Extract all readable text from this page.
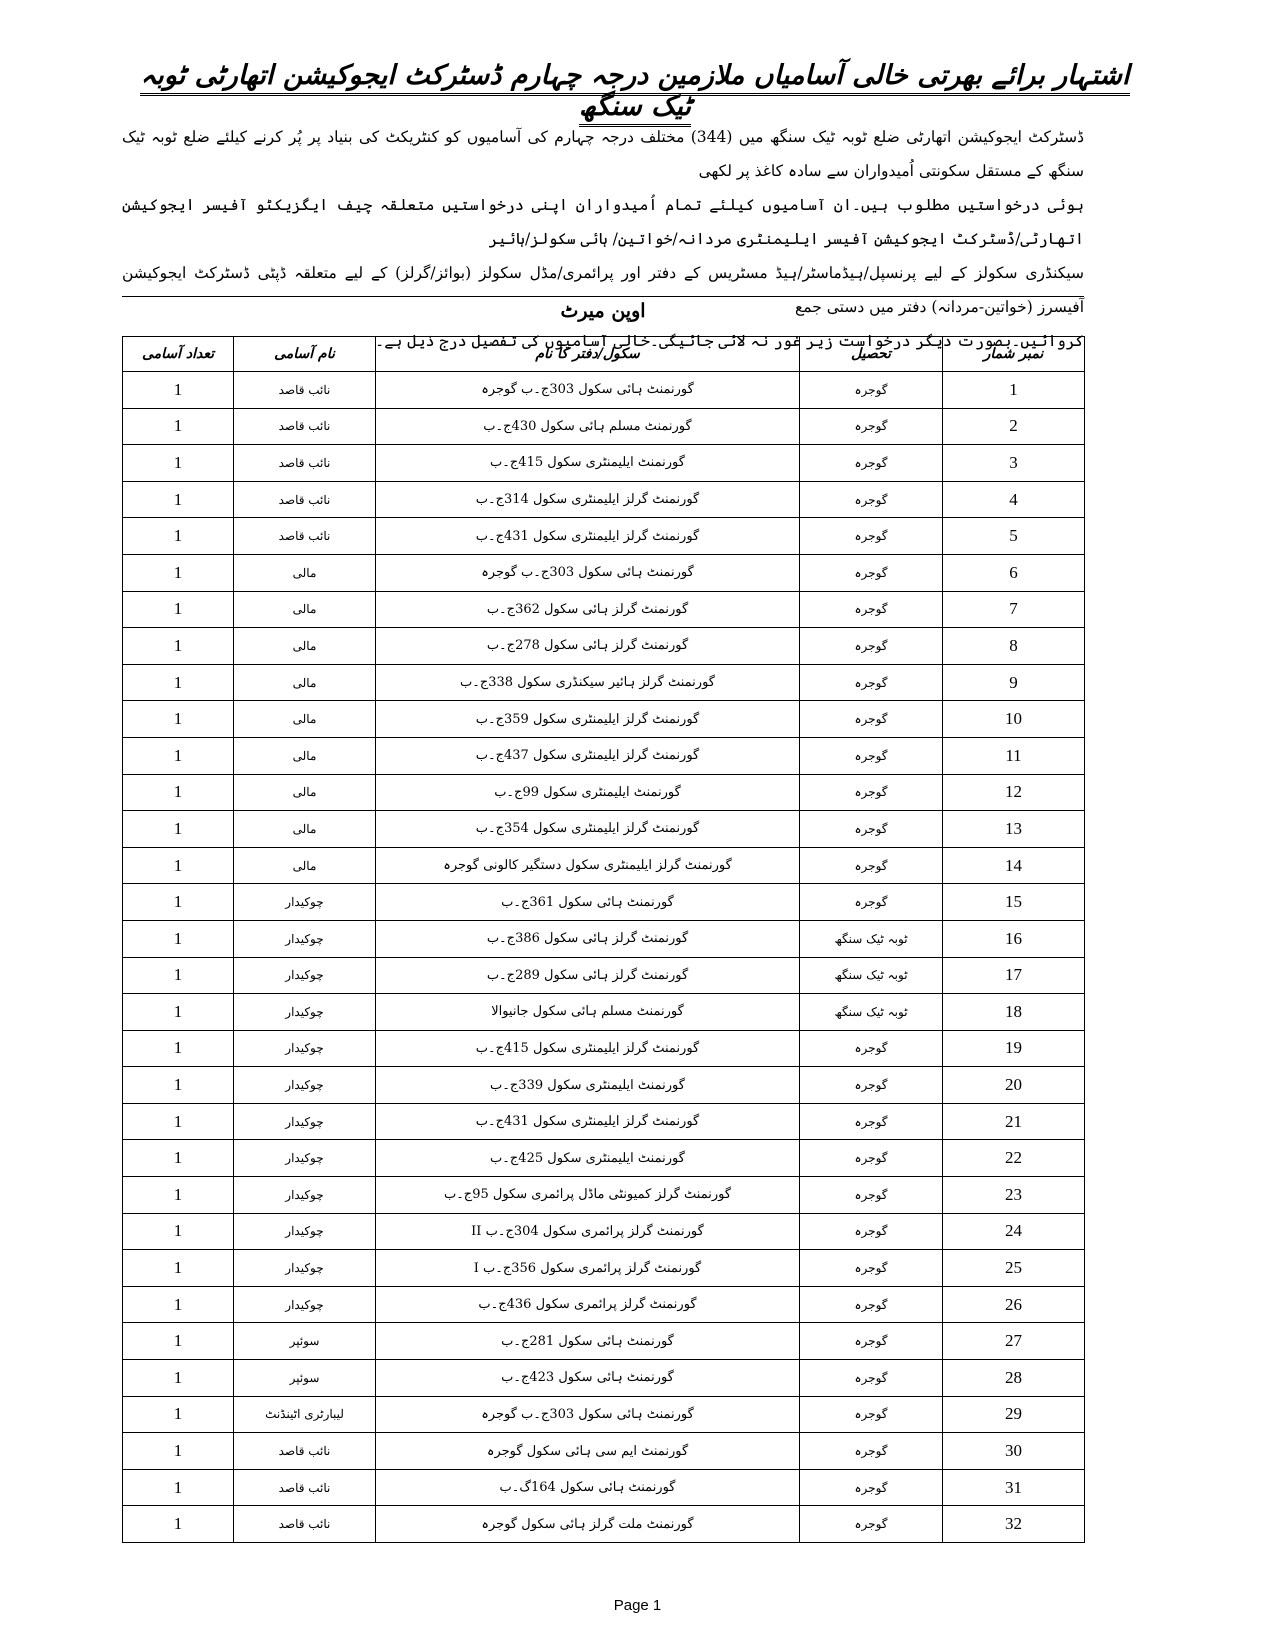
اشتہار برائے بھرتی خالی آسامیاں ملازمین درجہ چہارم ڈسٹرکٹ ایجوکیشن اتھارٹی ٹوبہ ٹیک سنگھ

ڈسٹرکٹ ایجوکیشن اتھارٹی ضلع ٹوبہ ٹیک سنگھ میں (344) مختلف درجہ چہارم کی آسامیوں کو کنٹریکٹ کی بنیاد پر پُر کرنے کیلئے ضلع ٹوبہ ٹیک سنگھ کے مستقل سکونتی اُمیدواران سے سادہ کاغذ پر لکھی

ہوئی درخواستیں مطلوب ہیں۔ان آسامیوں کیلئے تمام اُمیدواران اپنی درخواستیں متعلقہ چیف ایگزیکٹو آفیسر ایجوکیشن اتھارٹی/ڈسٹرکٹ ایجوکیشن آفیسر ایلیمنٹری مردانہ/خواتین/ ہائی سکولز/ہائیر

سیکنڈری سکولز کے لیے پرنسپل/ہیڈماسٹر/ہیڈ مسٹریس کے دفتر اور پرائمری/مڈل سکولز (بوائز/گرلز) کے لیے متعلقہ ڈپٹی ڈسٹرکٹ ایجوکیشن آفیسرز (خواتین-مردانہ) دفتر میں دستی جمع

کروائیں۔بصورت دیگر درخواست زیر غور نہ لائی جائیگی۔خالی آسامیوں کی تفصیل درج ذیل ہے۔

اوپن میرٹ
تعداد آسامی	نام آسامی	سکول/دفتر کا نام	تحصیل	نمبر شمار
1	نائب قاصد	گورنمنٹ ہائی سکول 303ج۔ب گوجرہ	گوجرہ	1
1	نائب قاصد	گورنمنٹ مسلم ہائی سکول 430ج۔ب	گوجرہ	2
1	نائب قاصد	گورنمنٹ ایلیمنٹری سکول 415ج۔ب	گوجرہ	3
1	نائب قاصد	گورنمنٹ گرلز ایلیمنٹری سکول 314ج۔ب	گوجرہ	4
1	نائب قاصد	گورنمنٹ گرلز ایلیمنٹری سکول 431ج۔ب	گوجرہ	5
1	مالی	گورنمنٹ ہائی سکول 303ج۔ب گوجرہ	گوجرہ	6
1	مالی	گورنمنٹ گرلز ہائی سکول 362ج۔ب	گوجرہ	7
1	مالی	گورنمنٹ گرلز ہائی سکول 278ج۔ب	گوجرہ	8
1	مالی	گورنمنٹ گرلز ہائیر سیکنڈری سکول 338ج۔ب	گوجرہ	9
1	مالی	گورنمنٹ گرلز ایلیمنٹری سکول 359ج۔ب	گوجرہ	10
1	مالی	گورنمنٹ گرلز ایلیمنٹری سکول 437ج۔ب	گوجرہ	11
1	مالی	گورنمنٹ ایلیمنٹری سکول 99ج۔ب	گوجرہ	12
1	مالی	گورنمنٹ گرلز ایلیمنٹری سکول 354ج۔ب	گوجرہ	13
1	مالی	گورنمنٹ گرلز ایلیمنٹری سکول دستگیر کالونی گوجرہ	گوجرہ	14
1	چوکیدار	گورنمنٹ ہائی سکول 361ج۔ب	گوجرہ	15
1	چوکیدار	گورنمنٹ گرلز ہائی سکول 386ج۔ب	ٹوبہ ٹیک سنگھ	16
1	چوکیدار	گورنمنٹ گرلز ہائی سکول 289ج۔ب	ٹوبہ ٹیک سنگھ	17
1	چوکیدار	گورنمنٹ مسلم ہائی سکول جانیوالا	ٹوبہ ٹیک سنگھ	18
1	چوکیدار	گورنمنٹ گرلز ایلیمنٹری سکول 415ج۔ب	گوجرہ	19
1	چوکیدار	گورنمنٹ ایلیمنٹری سکول 339ج۔ب	گوجرہ	20
1	چوکیدار	گورنمنٹ گرلز ایلیمنٹری سکول 431ج۔ب	گوجرہ	21
1	چوکیدار	گورنمنٹ ایلیمنٹری سکول 425ج۔ب	گوجرہ	22
1	چوکیدار	گورنمنٹ گرلز کمیونٹی ماڈل پرائمری سکول 95ج۔ب	گوجرہ	23
1	چوکیدار	گورنمنٹ گرلز پرائمری سکول 304ج۔ب II	گوجرہ	24
1	چوکیدار	گورنمنٹ گرلز پرائمری سکول 356ج۔ب I	گوجرہ	25
1	چوکیدار	گورنمنٹ گرلز پرائمری سکول 436ج۔ب	گوجرہ	26
1	سوئپر	گورنمنٹ ہائی سکول 281ج۔ب	گوجرہ	27
1	سوئپر	گورنمنٹ ہائی سکول 423ج۔ب	گوجرہ	28
1	لیبارٹری اٹینڈنٹ	گورنمنٹ ہائی سکول 303ج۔ب گوجرہ	گوجرہ	29
1	نائب قاصد	گورنمنٹ ایم سی ہائی سکول گوجرہ	گوجرہ	30
1	نائب قاصد	گورنمنٹ ہائی سکول 164گ۔ب	گوجرہ	31
1	نائب قاصد	گورنمنٹ ملت گرلز ہائی سکول گوجرہ	گوجرہ	32
Page 1
